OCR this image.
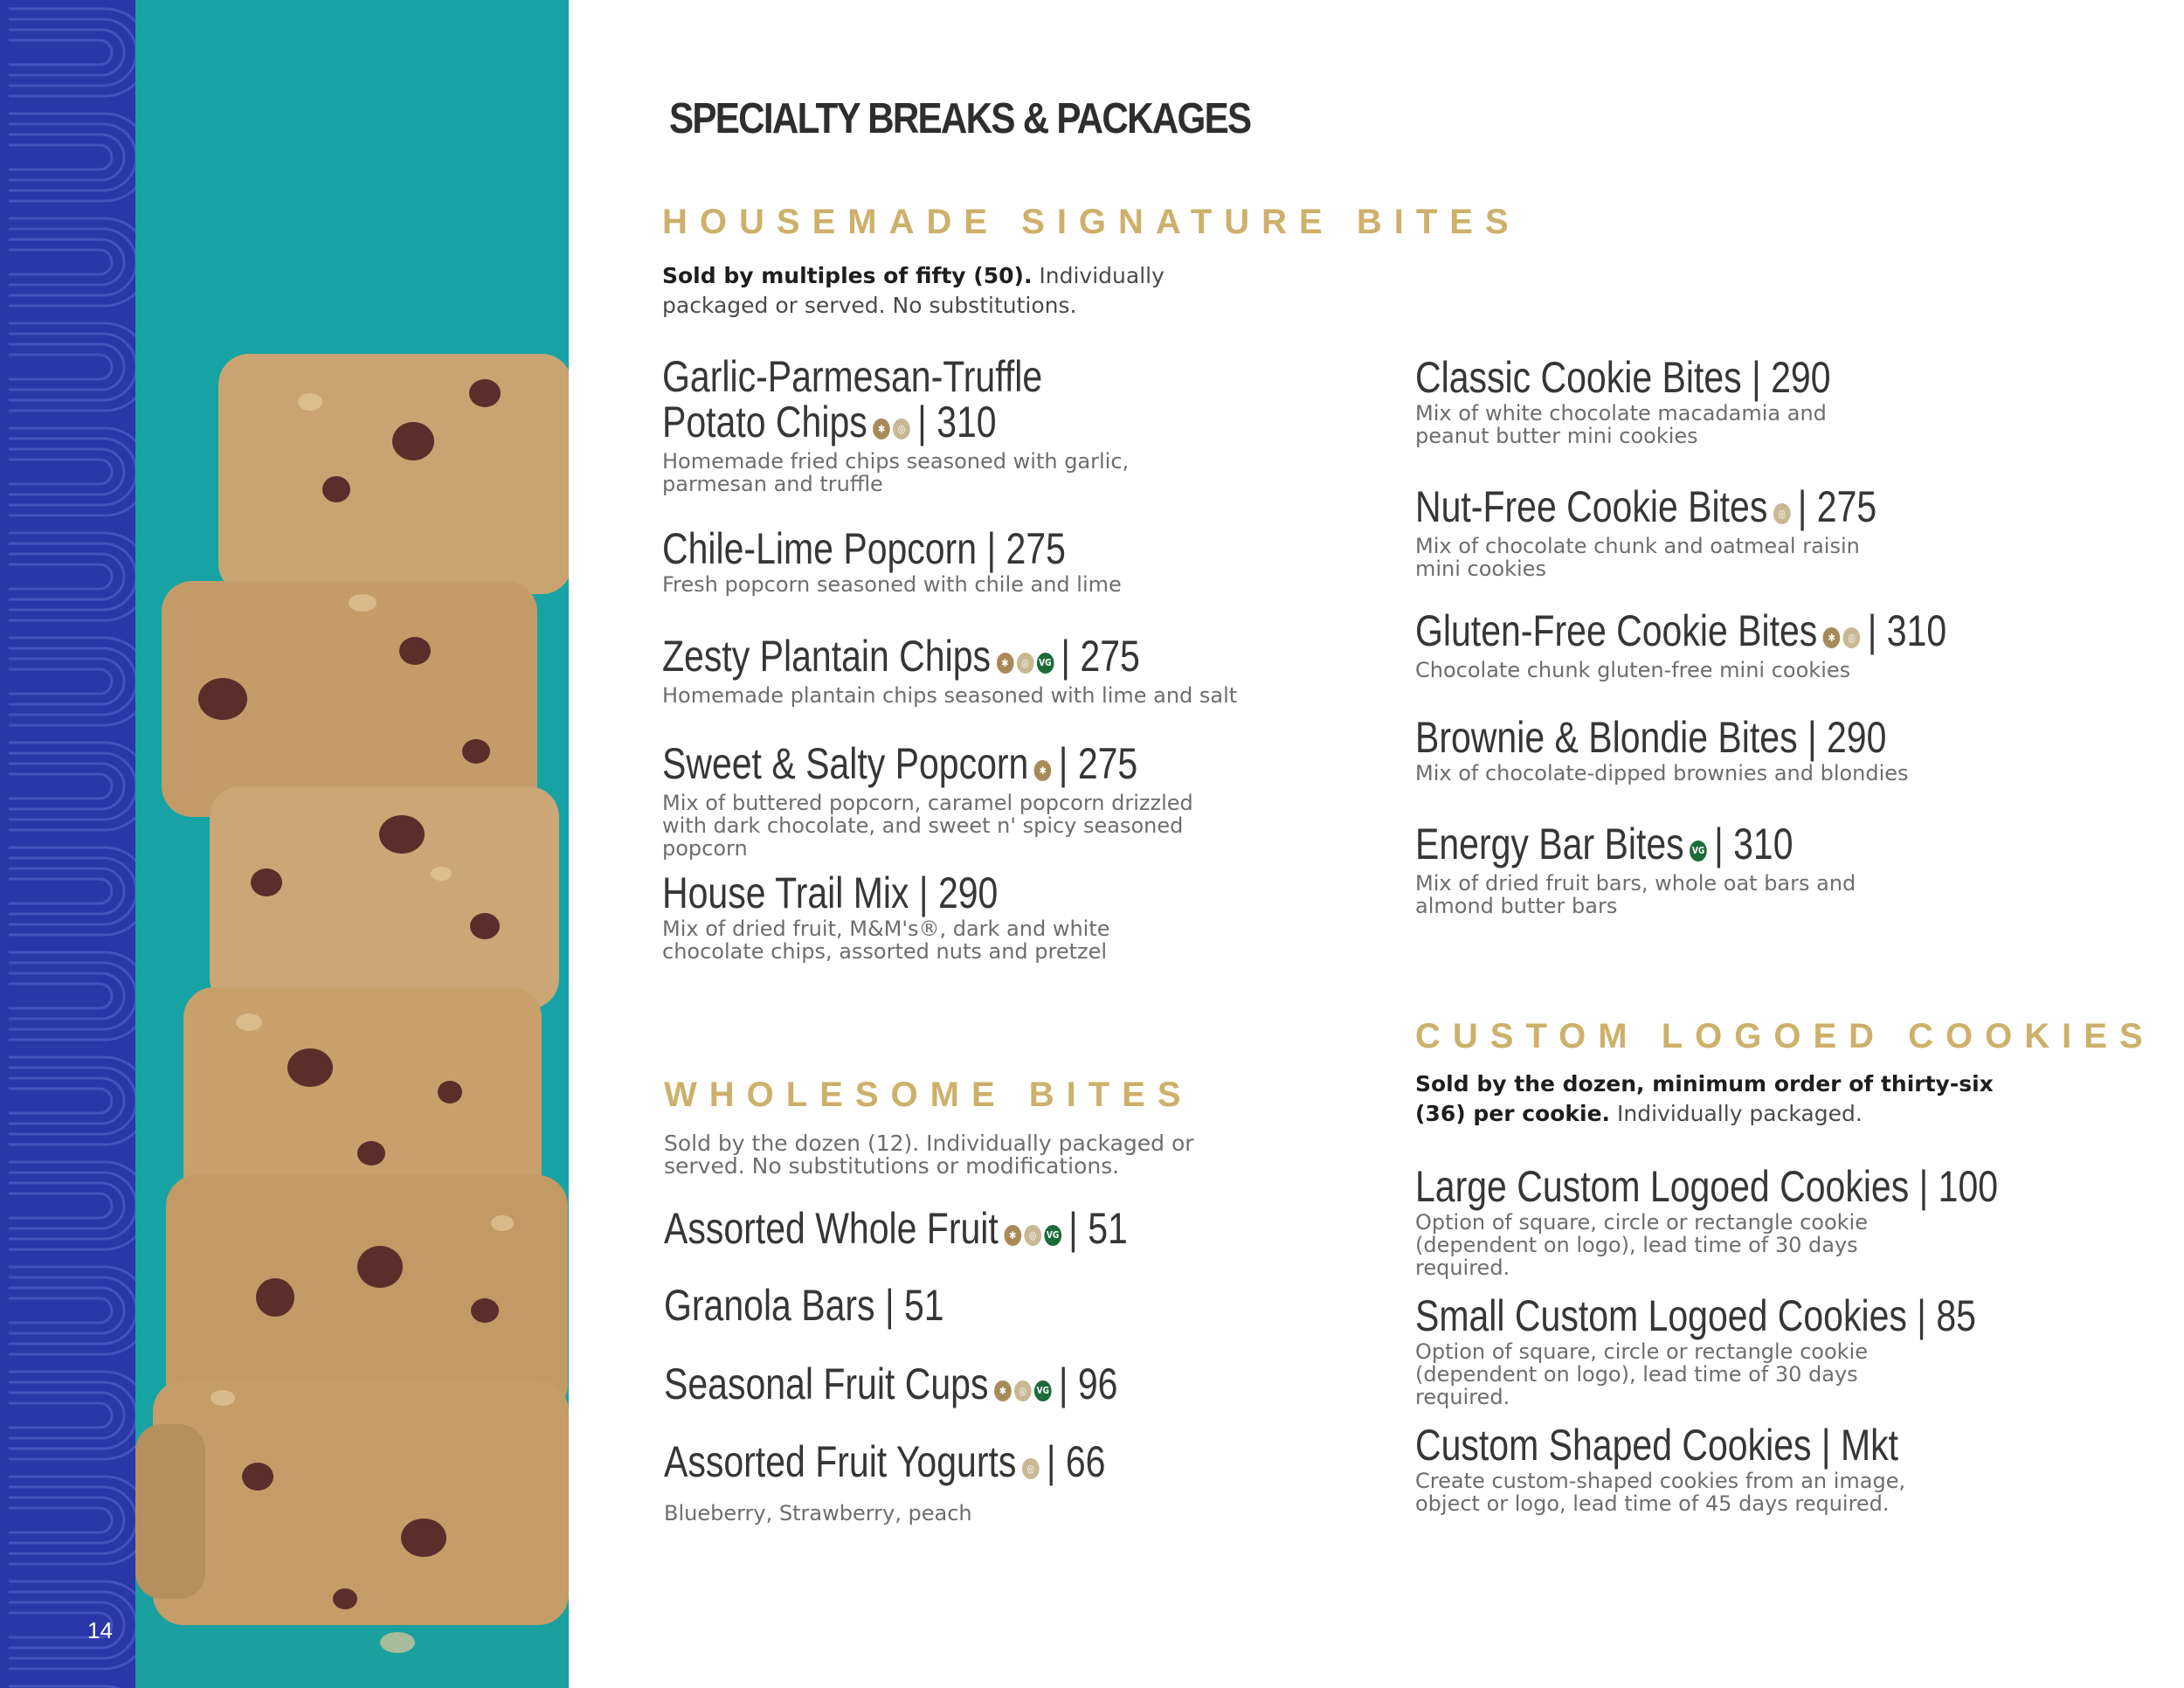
14
SPECIALTY BREAKS & PACKAGES
HOUSEMADE SIGNATURE BITES
Sold by multiples of fifty (50). Individually packaged or served. No substitutions.
Garlic-Parmesan-Truffle
Potato Chips ✱ ◎ | 310
Homemade fried chips seasoned with garlic, parmesan and truffle
Chile-Lime Popcorn | 275
Fresh popcorn seasoned with chile and lime
Zesty Plantain Chips ✱ ◎ VG | 275
Homemade plantain chips seasoned with lime and salt
Sweet & Salty Popcorn ✱ | 275
Mix of buttered popcorn, caramel popcorn drizzled with dark chocolate, and sweet n' spicy seasoned popcorn
House Trail Mix | 290
Mix of dried fruit, M&M's®, dark and white chocolate chips, assorted nuts and pretzel
Classic Cookie Bites | 290
Mix of white chocolate macadamia and peanut butter mini cookies
Nut-Free Cookie Bites ◎ | 275
Mix of chocolate chunk and oatmeal raisin mini cookies
Gluten-Free Cookie Bites ✱ ◎ | 310
Chocolate chunk gluten-free mini cookies
Brownie & Blondie Bites | 290
Mix of chocolate-dipped brownies and blondies
Energy Bar Bites VG | 310
Mix of dried fruit bars, whole oat bars and almond butter bars
WHOLESOME BITES
Sold by the dozen (12). Individually packaged or served. No substitutions or modifications.
Assorted Whole Fruit ✱ ◎ VG | 51
Granola Bars | 51
Seasonal Fruit Cups ✱ ◎ VG | 96
Assorted Fruit Yogurts ◎ | 66
Blueberry, Strawberry, peach
CUSTOM LOGOED COOKIES
Sold by the dozen, minimum order of thirty-six (36) per cookie. Individually packaged.
Large Custom Logoed Cookies | 100
Option of square, circle or rectangle cookie (dependent on logo), lead time of 30 days required.
Small Custom Logoed Cookies | 85
Option of square, circle or rectangle cookie (dependent on logo), lead time of 30 days required.
Custom Shaped Cookies | Mkt
Create custom-shaped cookies from an image, object or logo, lead time of 45 days required.
